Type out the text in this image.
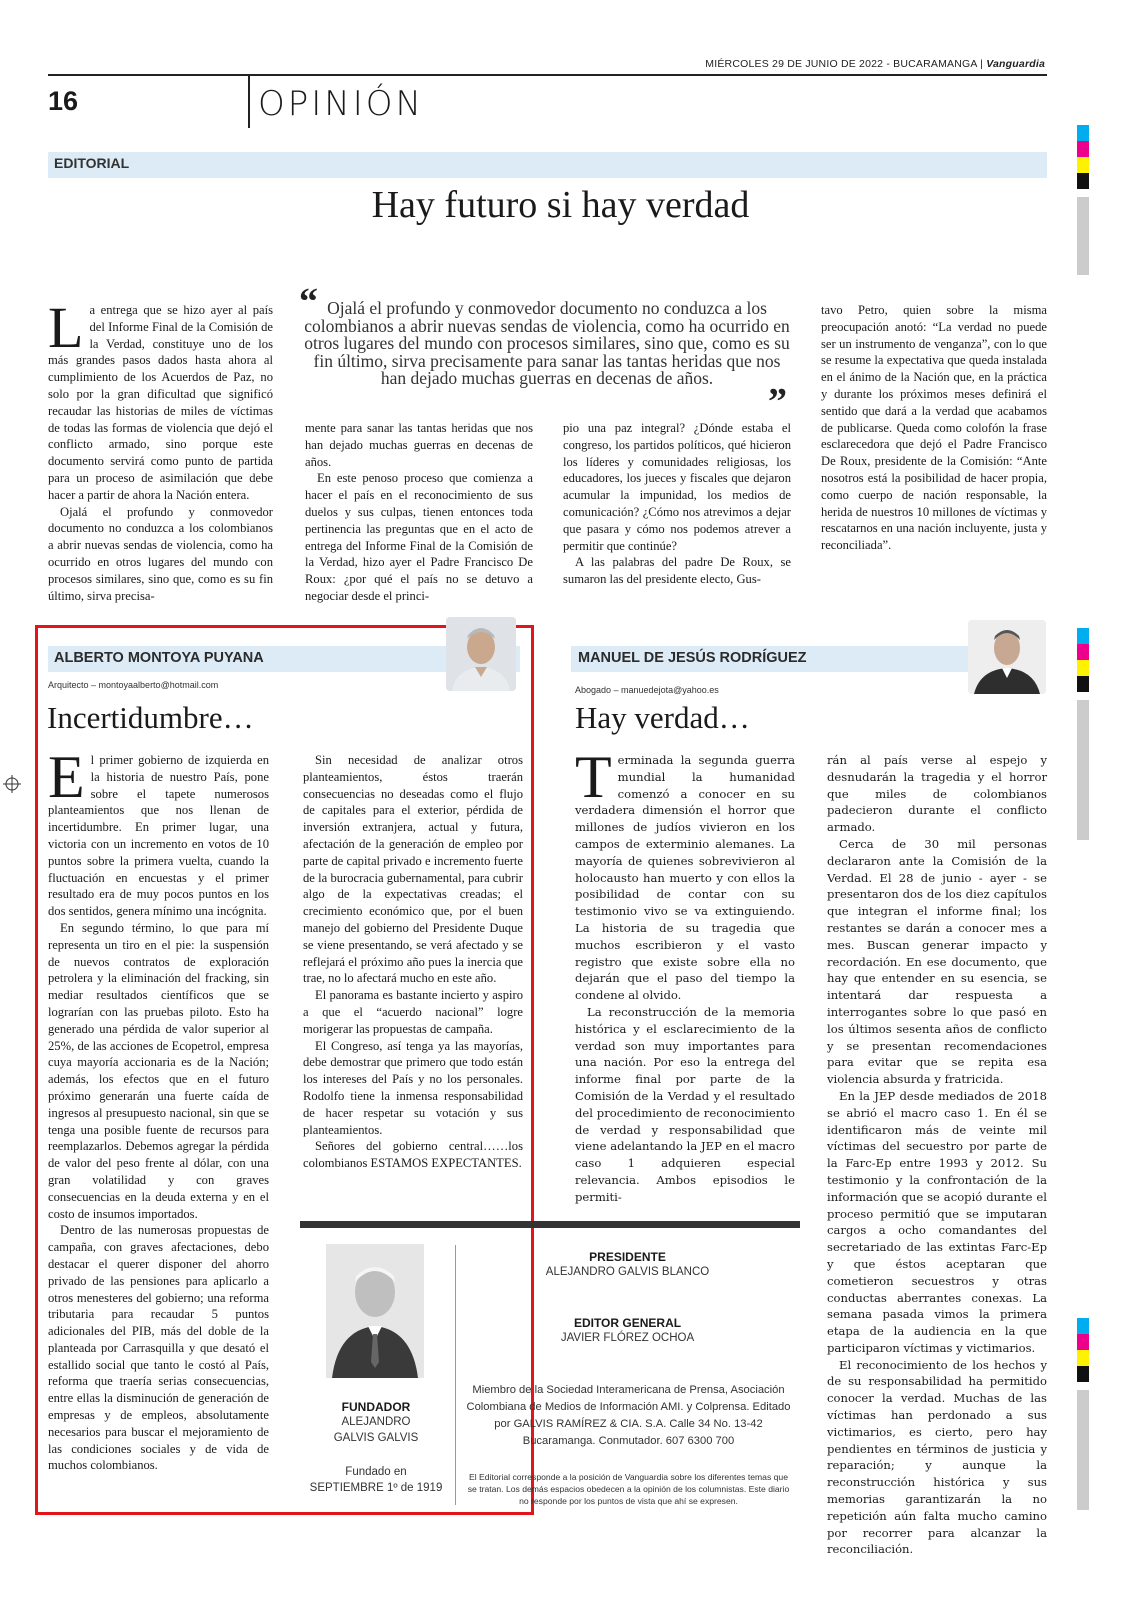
MIÉRCOLES 29 DE JUNIO DE 2022 - BUCARAMANGA | Vanguardia
16	OPINIÓN
EDITORIAL
Hay futuro si hay verdad

La entrega que se hizo ayer al país del Informe Final de la Comisión de la Verdad, constituye uno de los más grandes pasos dados hasta ahora al cumplimiento de los Acuerdos de Paz, no solo por la gran dificultad que significó recaudar las historias de miles de víctimas de todas las formas de violencia que dejó el conflicto armado, sino porque este documento servirá como punto de partida para un proceso de asimilación que debe hacer a partir de ahora la Nación entera.

Ojalá el profundo y conmovedor documento no conduzca a los colombianos a abrir nuevas sendas de violencia, como ha ocurrido en otros lugares del mundo con procesos similares, sino que, como es su fin último, sirva precisa-

“ Ojalá el profundo y conmovedor documento no conduzca a los colombianos a abrir nuevas sendas de violencia, como ha ocurrido en otros lugares del mundo con procesos similares, sino que, como es su fin último, sirva precisamente para sanar las tantas heridas que nos han dejado muchas guerras en decenas de años.
”

mente para sanar las tantas heridas que nos han dejado muchas guerras en decenas de años.

En este penoso proceso que comienza a hacer el país en el reconocimiento de sus duelos y sus culpas, tienen entonces toda pertinencia las preguntas que en el acto de entrega del Informe Final de la Comisión de la Verdad, hizo ayer el Padre Francisco De Roux: ¿por qué el país no se detuvo a negociar desde el princi-

pio una paz integral? ¿Dónde estaba el congreso, los partidos políticos, qué hicieron los líderes y comunidades religiosas, los educadores, los jueces y fiscales que dejaron acumular la impunidad, los medios de comunicación? ¿Cómo nos atrevimos a dejar que pasara y cómo nos podemos atrever a permitir que continúe?

A las palabras del padre De Roux, se sumaron las del presidente electo, Gus-

tavo Petro, quien sobre la misma preocupación anotó: “La verdad no puede ser un instrumento de venganza”, con lo que se resume la expectativa que queda instalada en el ánimo de la Nación que, en la práctica y durante los próximos meses definirá el sentido que dará a la verdad que acabamos de publicarse. Queda como colofón la frase esclarecedora que dejó el Padre Francisco De Roux, presidente de la Comisión: “Ante nosotros está la posibilidad de hacer propia, como cuerpo de nación responsable, la herida de nuestros 10 millones de víctimas y rescatarnos en una nación incluyente, justa y reconciliada”.

ALBERTO MONTOYA PUYANA
Arquitecto – montoyaalberto@hotmail.com
Incertidumbre…

El primer gobierno de izquierda en la historia de nuestro País, pone sobre el tapete numerosos planteamientos que nos llenan de incertidumbre. En primer lugar, una victoria con un incremento en votos de 10 puntos sobre la primera vuelta, cuando la fluctuación en encuestas y el primer resultado era de muy pocos puntos en los dos sentidos, genera mínimo una incógnita.

En segundo término, lo que para mí representa un tiro en el pie: la suspensión de nuevos contratos de exploración petrolera y la eliminación del fracking, sin mediar resultados científicos que se lograrían con las pruebas piloto. Esto ha generado una pérdida de valor superior al 25%, de las acciones de Ecopetrol, empresa cuya mayoría accionaria es de la Nación; además, los efectos que en el futuro próximo generarán una fuerte caída de ingresos al presupuesto nacional, sin que se tenga una posible fuente de recursos para reemplazarlos. Debemos agregar la pérdida de valor del peso frente al dólar, con una gran volatilidad y con graves consecuencias en la deuda externa y en el costo de insumos importados.

Dentro de las numerosas propuestas de campaña, con graves afectaciones, debo destacar el querer disponer del ahorro privado de las pensiones para aplicarlo a otros menesteres del gobierno; una reforma tributaria para recaudar 5 puntos adicionales del PIB, más del doble de la planteada por Carrasquilla y que desató el estallido social que tanto le costó al País, reforma que traería serias consecuencias, entre ellas la disminución de generación de empresas y de empleos, absolutamente necesarios para buscar el mejoramiento de las condiciones sociales y de vida de muchos colombianos.

Sin necesidad de analizar otros planteamientos, éstos traerán consecuencias no deseadas como el flujo de capitales para el exterior, pérdida de inversión extranjera, actual y futura, afectación de la generación de empleo por parte de capital privado e incremento fuerte de la burocracia gubernamental, para cubrir algo de la expectativas creadas; el crecimiento económico que, por el buen manejo del gobierno del Presidente Duque se viene presentando, se verá afectado y se reflejará el próximo año pues la inercia que trae, no lo afectará mucho en este año.

El panorama es bastante incierto y aspiro a que el “acuerdo nacional” logre morigerar las propuestas de campaña.

El Congreso, así tenga ya las mayorías, debe demostrar que primero que todo están los intereses del País y no los personales. Rodolfo tiene la inmensa responsabilidad de hacer respetar su votación y sus planteamientos.

Señores del gobierno central……los colombianos ESTAMOS EXPECTANTES.

MANUEL DE JESÚS RODRÍGUEZ
Abogado – manuedejota@yahoo.es
Hay verdad…

Terminada la segunda guerra mundial la humanidad comenzó a conocer en su verdadera dimensión el horror que millones de judíos vivieron en los campos de exterminio alemanes. La mayoría de quienes sobrevivieron al holocausto han muerto y con ellos la posibilidad de contar con su testimonio vivo se va extinguiendo. La historia de su tragedia que muchos escribieron y el vasto registro que existe sobre ella no dejarán que el paso del tiempo la condene al olvido.

La reconstrucción de la memoria histórica y el esclarecimiento de la verdad son muy importantes para una nación. Por eso la entrega del informe final por parte de la Comisión de la Verdad y el resultado del procedimiento de reconocimiento de verdad y responsabilidad que viene adelantando la JEP en el macro caso 1 adquieren especial relevancia. Ambos episodios le permiti-

rán al país verse al espejo y desnudarán la tragedia y el horror que miles de colombianos padecieron durante el conflicto armado.

Cerca de 30 mil personas declararon ante la Comisión de la Verdad. El 28 de junio - ayer - se presentaron dos de los diez capítulos que integran el informe final; los restantes se darán a conocer mes a mes. Buscan generar impacto y recordación. En ese documento, que hay que entender en su esencia, se intentará dar respuesta a interrogantes sobre lo que pasó en los últimos sesenta años de conflicto y se presentan recomendaciones para evitar que se repita esa violencia absurda y fratricida.

En la JEP desde mediados de 2018 se abrió el macro caso 1. En él se identificaron más de veinte mil víctimas del secuestro por parte de la Farc-Ep entre 1993 y 2012. Su testimonio y la confrontación de la información que se acopió durante el proceso permitió que se imputaran cargos a ocho comandantes del secretariado de las extintas Farc-Ep y que éstos aceptaran que cometieron secuestros y otras conductas aberrantes conexas. La semana pasada vimos la primera etapa de la audiencia en la que participaron víctimas y victimarios.

El reconocimiento de los hechos y de su responsabilidad ha permitido conocer la verdad. Muchas de las víctimas han perdonado a sus victimarios, es cierto, pero hay pendientes en términos de justicia y reparación; y aunque la reconstrucción histórica y sus memorias garantizarán la no repetición aún falta mucho camino por recorrer para alcanzar la reconciliación.

FUNDADOR
ALEJANDRO
GALVIS GALVIS
Fundado en
SEPTIEMBRE 1º de 1919
PRESIDENTE
ALEJANDRO GALVIS BLANCO
EDITOR GENERAL
JAVIER FLÓREZ OCHOA
Miembro de la Sociedad Interamericana de Prensa, Asociación Colombiana de Medios de Información AMI. y Colprensa. Editado por GALVIS RAMÍREZ & CIA. S.A. Calle 34 No. 13-42 Bucaramanga. Conmutador. 607 6300 700
El Editorial corresponde a la posición de Vanguardia sobre los diferentes temas que se tratan. Los demás espacios obedecen a la opinión de los columnistas. Este diario no responde por los puntos de vista que ahí se expresen.
